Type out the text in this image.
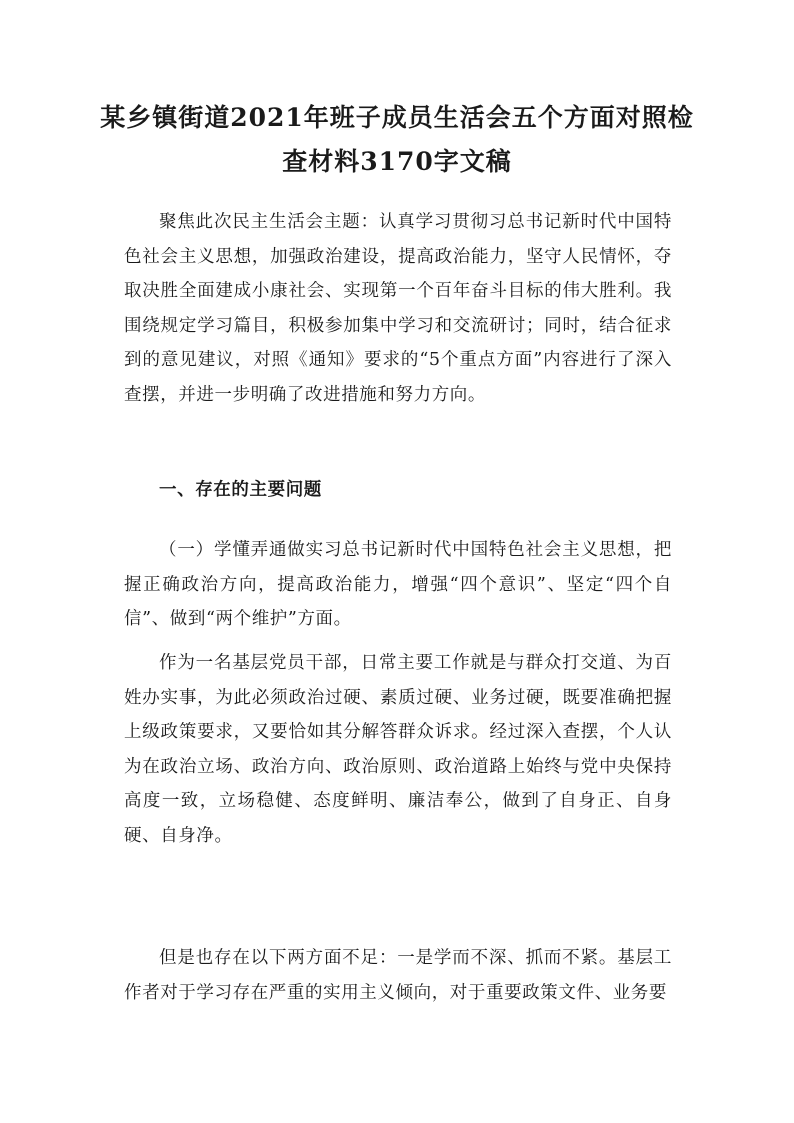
某乡镇街道2021年班子成员生活会五个方面对照检查材料3170字文稿

聚焦此次民主生活会主题：认真学习贯彻习总书记新时代中国特色社会主义思想，加强政治建设，提高政治能力，坚守人民情怀，夺取决胜全面建成小康社会、实现第一个百年奋斗目标的伟大胜利。我围绕规定学习篇目，积极参加集中学习和交流研讨；同时，结合征求到的意见建议，对照《通知》要求的“5个重点方面”内容进行了深入查摆，并进一步明确了改进措施和努力方向。

一、存在的主要问题

（一）学懂弄通做实习总书记新时代中国特色社会主义思想，把握正确政治方向，提高政治能力，增强“四个意识”、坚定“四个自信”、做到“两个维护”方面。

作为一名基层党员干部，日常主要工作就是与群众打交道、为百姓办实事，为此必须政治过硬、素质过硬、业务过硬，既要准确把握上级政策要求，又要恰如其分解答群众诉求。经过深入查摆，个人认为在政治立场、政治方向、政治原则、政治道路上始终与党中央保持高度一致，立场稳健、态度鲜明、廉洁奉公，做到了自身正、自身硬、自身净。

但是也存在以下两方面不足：一是学而不深、抓而不紧。基层工作者对于学习存在严重的实用主义倾向，对于重要政策文件、业务要
